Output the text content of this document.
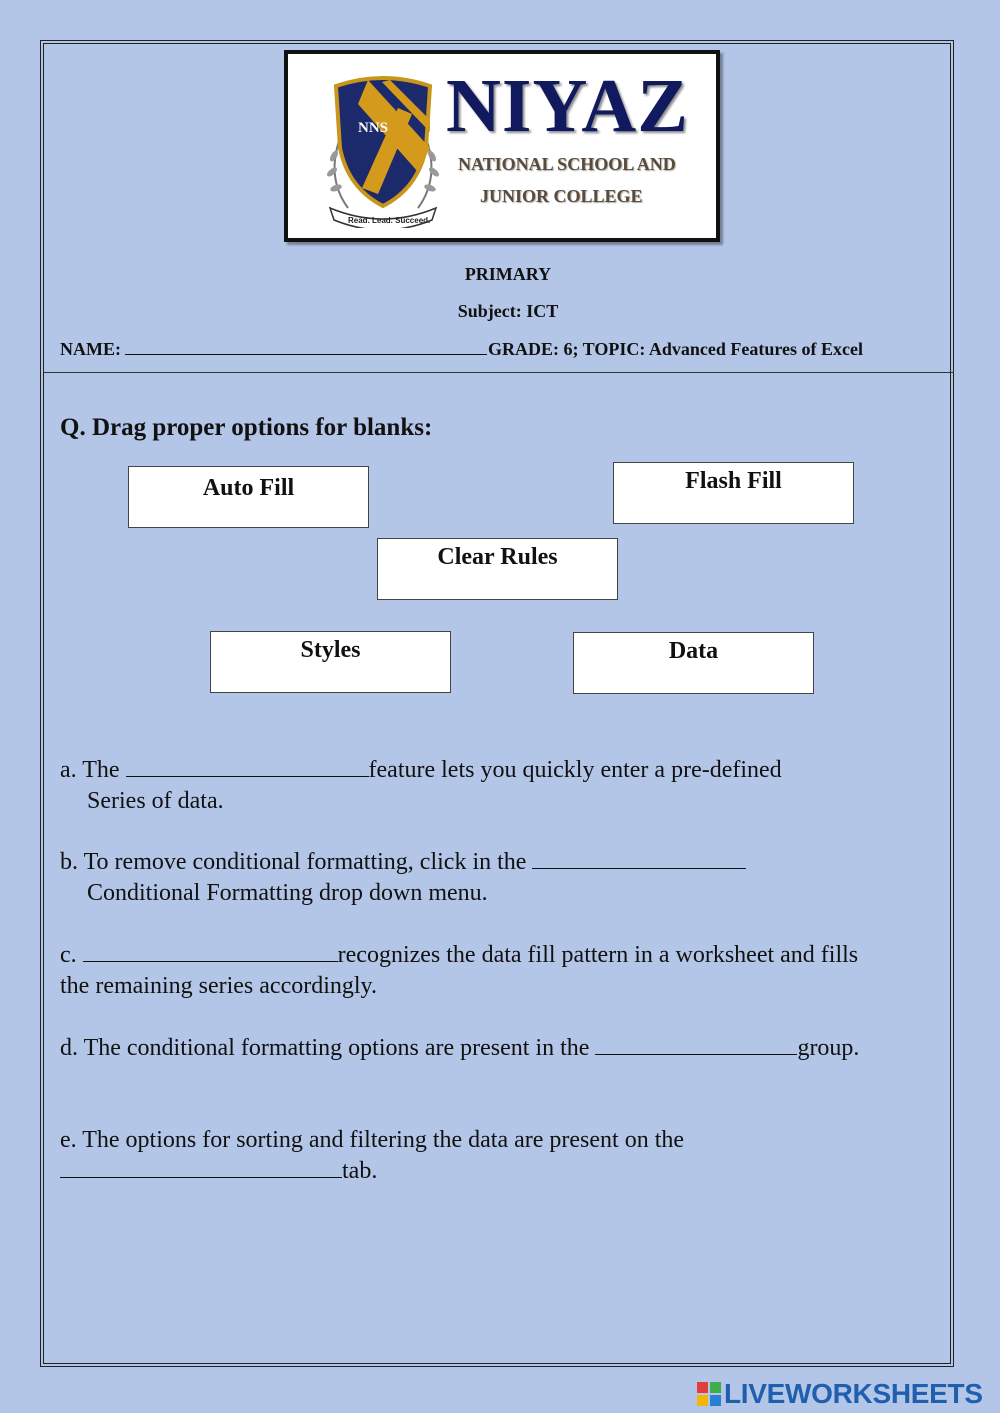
NNS
Read. Lead. Succeed.
NIYAZ
NATIONAL SCHOOL AND
JUNIOR COLLEGE
PRIMARY
Subject: ICT
NAME:	GRADE: 6; TOPIC: Advanced Features of Excel
Q. Drag proper options for blanks:
Auto Fill	Flash Fill
Clear Rules
Styles	Data
a. The	feature lets you quickly enter a pre-defined
Series of data.
b. To remove conditional formatting, click in the
Conditional Formatting drop down menu.
c.	recognizes the data fill pattern in a worksheet and fills
the remaining series accordingly.
d. The conditional formatting options are present in the	group.
e. The options for sorting and filtering the data are present on the
tab.
LIVEWORKSHEETS
